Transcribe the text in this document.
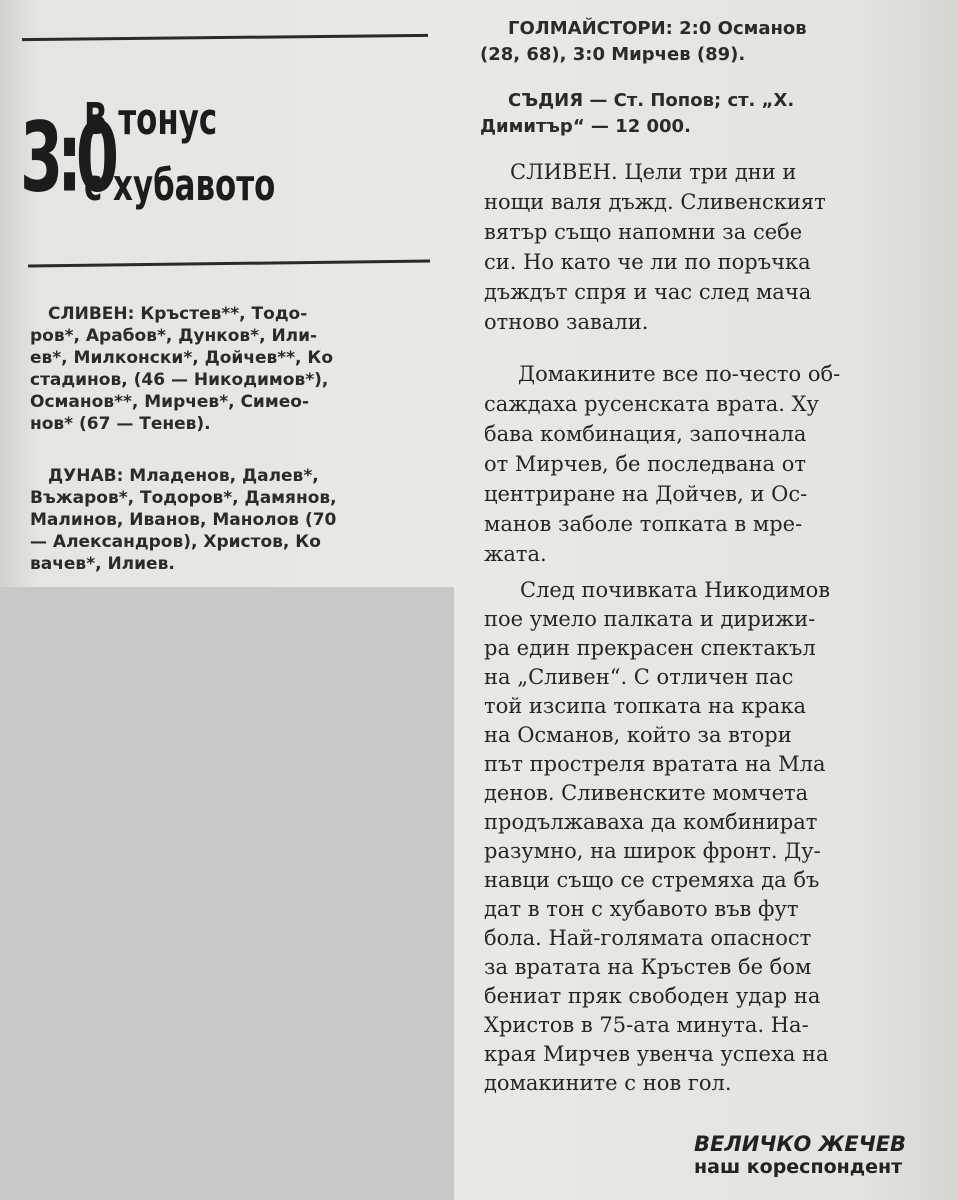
3:0
В тонус
с хубавото
СЛИВЕН: Кръстев**, Тодо-
ров*, Арабов*, Дунков*, Или-
ев*, Милконски*, Дойчев**, Ко
стадинов, (46 — Никодимов*),
Османов**, Мирчев*, Симео-
нов* (67 — Тенев).
ДУНАВ: Младенов, Далев*,
Въжаров*, Тодоров*, Дамянов,
Малинов, Иванов, Манолов (70
— Александров), Христов, Ко
вачев*, Илиев.
ГОЛМАЙСТОРИ: 2:0 Османов
(28, 68), 3:0 Мирчев (89).
СЪДИЯ — Ст. Попов; ст. „Х.
Димитър“ — 12 000.
СЛИВЕН. Цели три дни и
нощи валя дъжд. Сливенският
вятър също напомни за себе
си. Но като че ли по поръчка
дъждът спря и час след мача
отново завали.
Домакините все по-често об-
саждаха русенската врата. Ху
бава комбинация, започнала
от Мирчев, бе последвана от
центриране на Дойчев, и Ос-
манов заболе топката в мре-
жата.
След почивката Никодимов
пое умело палката и дирижи-
ра един прекрасен спектакъл
на „Сливен“. С отличен пас
той изсипа топката на крака
на Османов, който за втори
път простреля вратата на Мла
денов. Сливенските момчета
продължаваха да комбинират
разумно, на широк фронт. Ду-
навци също се стремяха да бъ
дат в тон с хубавото във фут
бола. Най-голямата опасност
за вратата на Кръстев бе бом
бениат пряк свободен удар на
Христов в 75-ата минута. На-
края Мирчев увенча успеха на
домакините с нов гол.
ВЕЛИЧКО ЖЕЧЕВ
наш кореспондент
